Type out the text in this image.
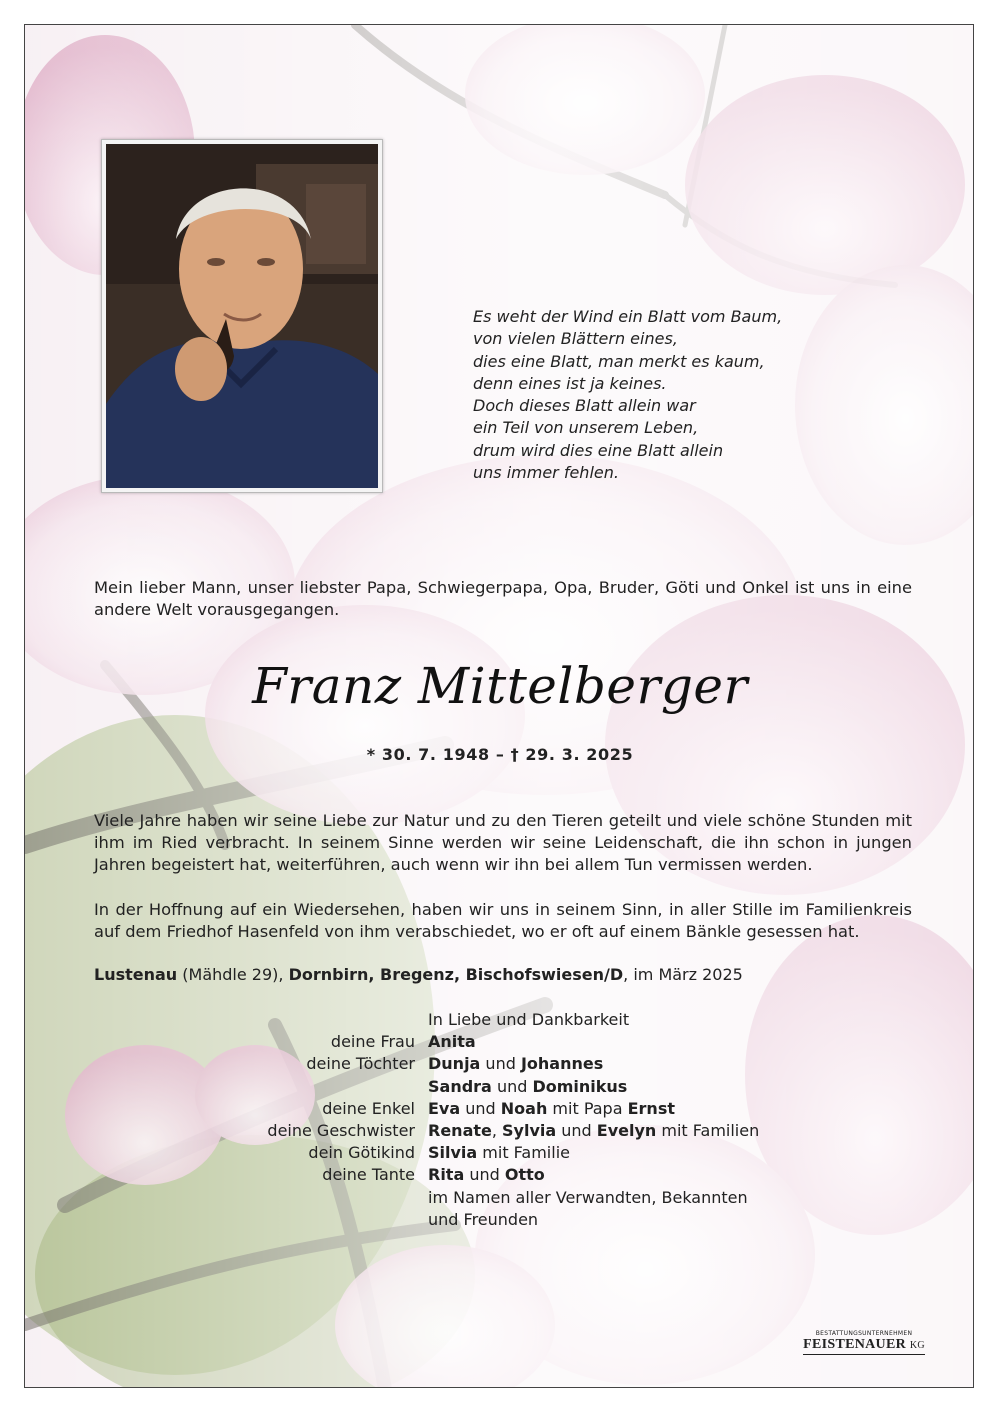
Es weht der Wind ein Blatt vom Baum,
von vielen Blättern eines,
dies eine Blatt, man merkt es kaum,
denn eines ist ja keines.
Doch dieses Blatt allein war
ein Teil von unserem Leben,
drum wird dies eine Blatt allein
uns immer fehlen.
Mein lieber Mann, unser liebster Papa, Schwiegerpapa, Opa, Bruder, Göti und Onkel ist uns in eine andere Welt vorausgegangen.
Franz Mittelberger
* 30. 7. 1948 – † 29. 3. 2025
Viele Jahre haben wir seine Liebe zur Natur und zu den Tieren geteilt und viele schöne Stunden mit ihm im Ried verbracht. In seinem Sinne werden wir seine Leidenschaft, die ihn schon in jungen Jahren begeistert hat, weiterführen, auch wenn wir ihn bei allem Tun vermissen werden.
In der Hoffnung auf ein Wiedersehen, haben wir uns in seinem Sinn, in aller Stille im Familienkreis auf dem Friedhof Hasenfeld von ihm verabschiedet, wo er oft auf einem Bänkle gesessen hat.
Lustenau (Mähdle 29), Dornbirn, Bregenz, Bischofswiesen/D, im März 2025
In Liebe und Dankbarkeit
deine Frau Anita
deine Töchter Dunja und Johannes
Sandra und Dominikus
deine Enkel Eva und Noah mit Papa Ernst
deine Geschwister Renate, Sylvia und Evelyn mit Familien
dein Götikind Silvia mit Familie
deine Tante Rita und Otto
im Namen aller Verwandten, Bekannten
und Freunden
BESTATTUNGSUNTERNEHMEN
FEISTENAUER KG
